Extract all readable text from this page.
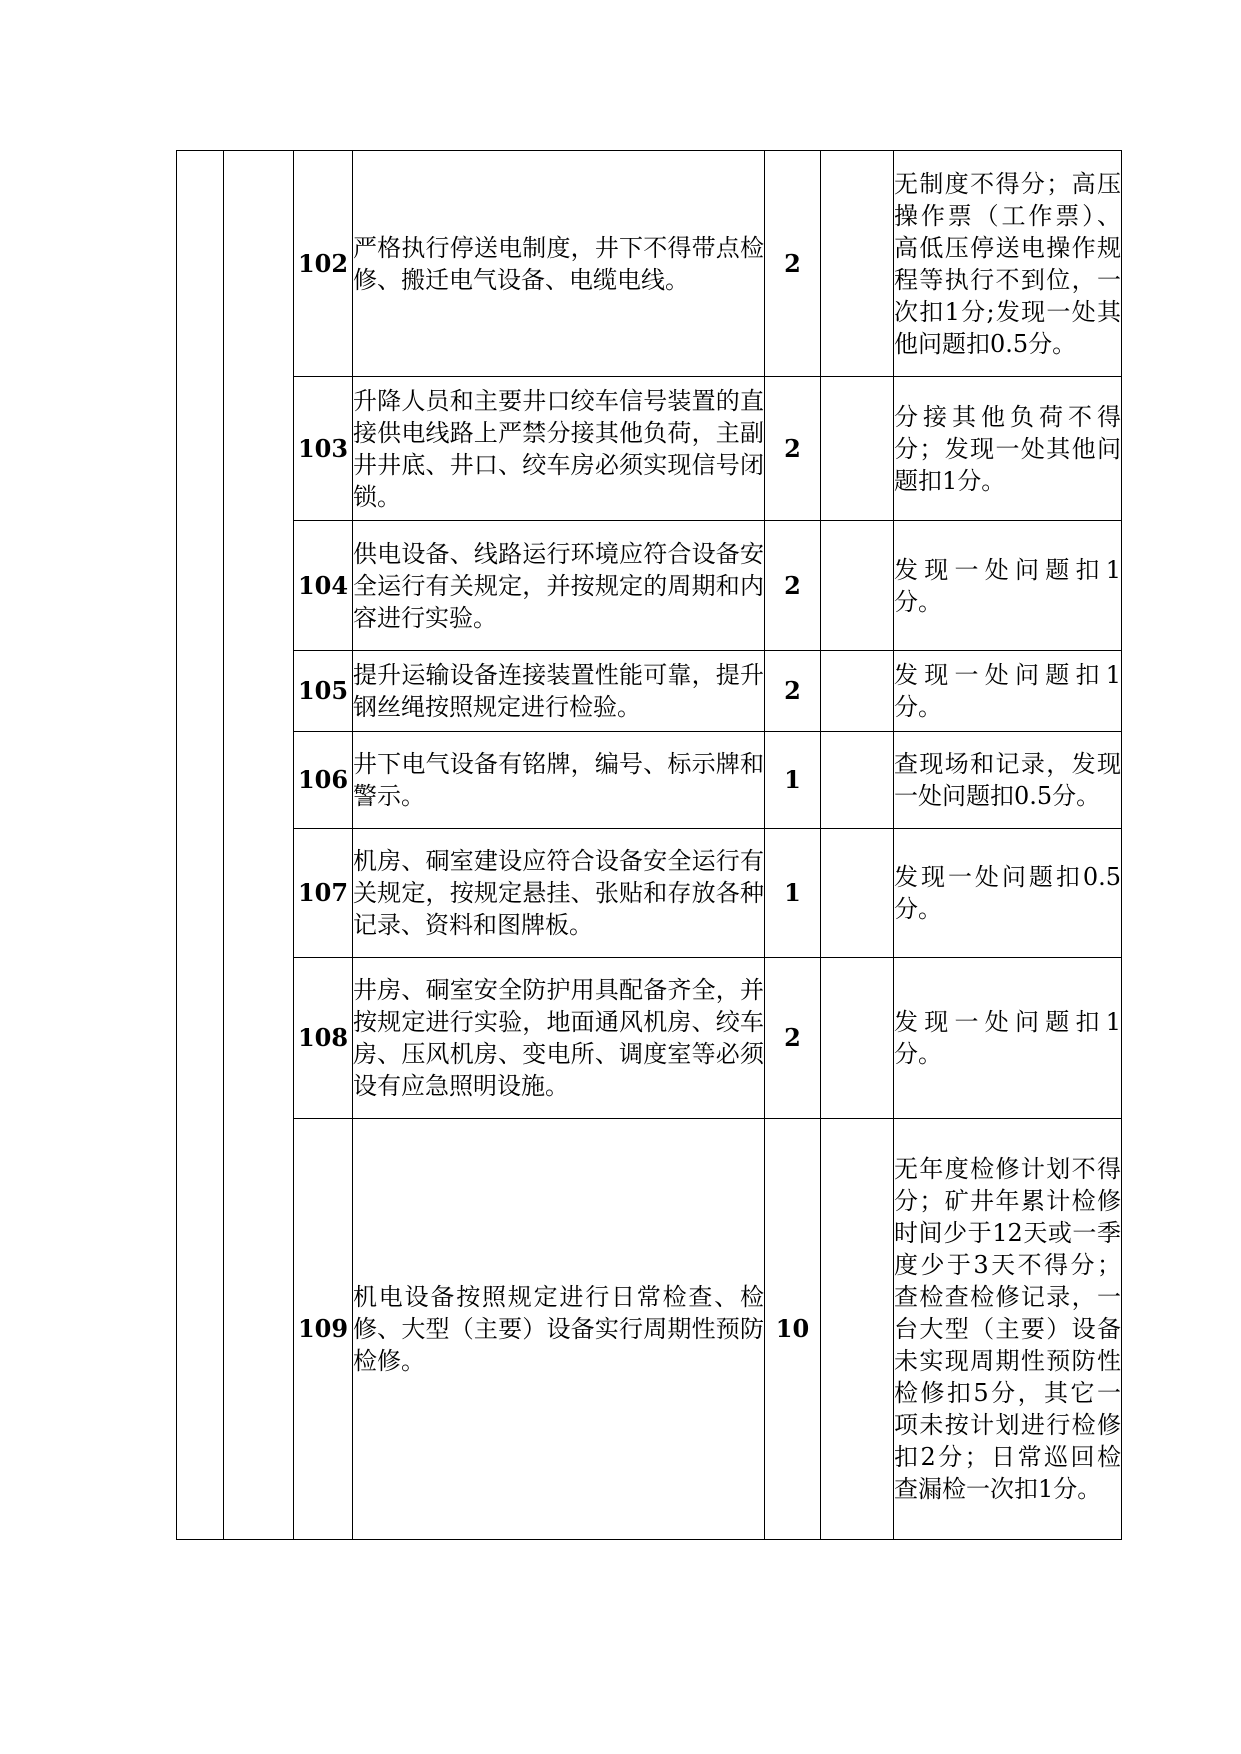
		102	严格执行停送电制度，井下不得带点检修、搬迁电气设备、电缆电线。	2		无制度不得分；高压操作票（工作票）、高低压停送电操作规程等执行不到位，一次扣1分;发现一处其他问题扣0.5分。
		103	升降人员和主要井口绞车信号装置的直接供电线路上严禁分接其他负荷，主副井井底、井口、绞车房必须实现信号闭锁。	2		分接其他负荷不得分；发现一处其他问题扣1分。
		104	供电设备、线路运行环境应符合设备安全运行有关规定，并按规定的周期和内容进行实验。	2		发现一处问题扣1分。
		105	提升运输设备连接装置性能可靠，提升钢丝绳按照规定进行检验。	2		发现一处问题扣1分。
		106	井下电气设备有铭牌，编号、标示牌和警示。	1		查现场和记录，发现一处问题扣0.5分。
		107	机房、硐室建设应符合设备安全运行有关规定，按规定悬挂、张贴和存放各种记录、资料和图牌板。	1		发现一处问题扣0.5分。
		108	井房、硐室安全防护用具配备齐全，并按规定进行实验，地面通风机房、绞车房、压风机房、变电所、调度室等必须设有应急照明设施。	2		发现一处问题扣1分。
		109	机电设备按照规定进行日常检查、检修、大型（主要）设备实行周期性预防检修。	10		无年度检修计划不得分；矿井年累计检修时间少于12天或一季度少于3天不得分；查检查检修记录，一台大型（主要）设备未实现周期性预防性检修扣5分，其它一项未按计划进行检修扣2分；日常巡回检查漏检一次扣1分。
